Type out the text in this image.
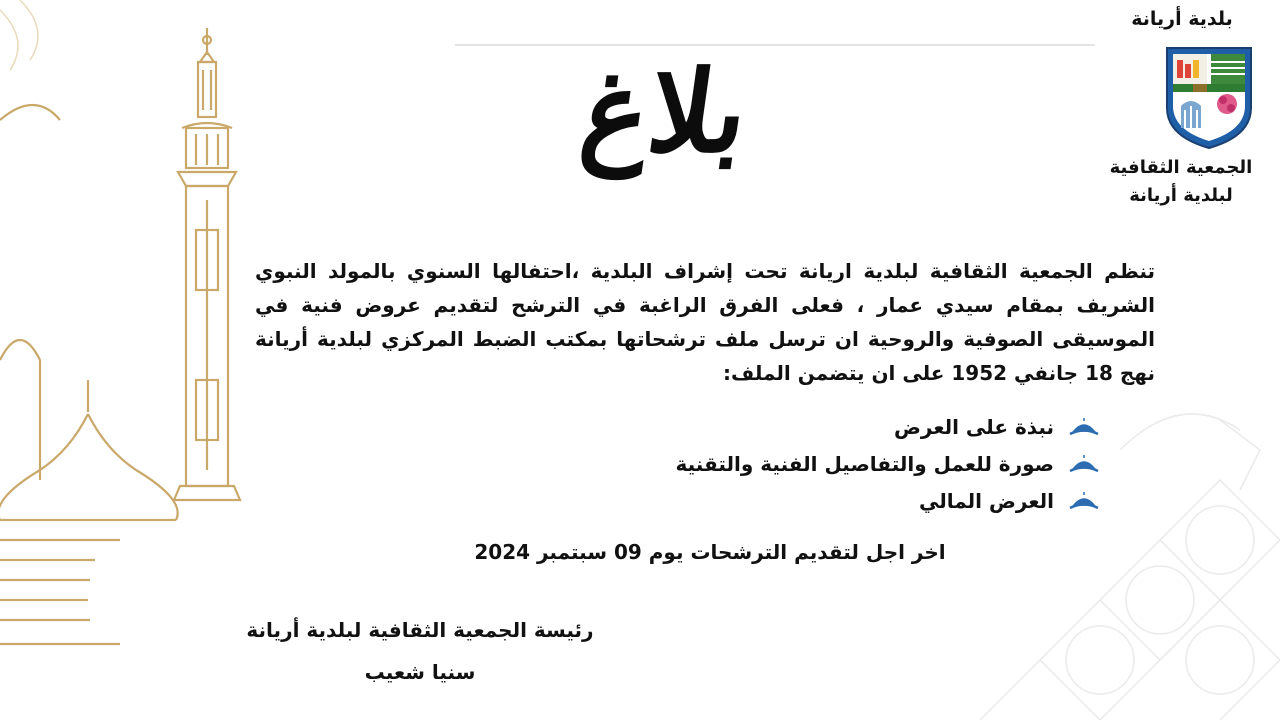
بلاغ
بلدية أريانة
الجمعية الثقافية
لبلدية أريانة
تنظم الجمعية الثقافية لبلدية اريانة تحت إشراف البلدية ،احتفالها السنوي بالمولد النبوي الشريف بمقام سيدي عمار ، فعلى الفرق الراغبة في الترشح لتقديم عروض فنية في الموسيقى الصوفية والروحية ان ترسل ملف ترشحاتها بمكتب الضبط المركزي لبلدية أريانة نهج 18 جانفي 1952 على ان يتضمن الملف:
نبذة على العرض
صورة للعمل والتفاصيل الفنية والتقنية
العرض المالي
اخر اجل لتقديم الترشحات يوم 09 سبتمبر 2024
رئيسة الجمعية الثقافية لبلدية أريانة
سنيا شعيب
